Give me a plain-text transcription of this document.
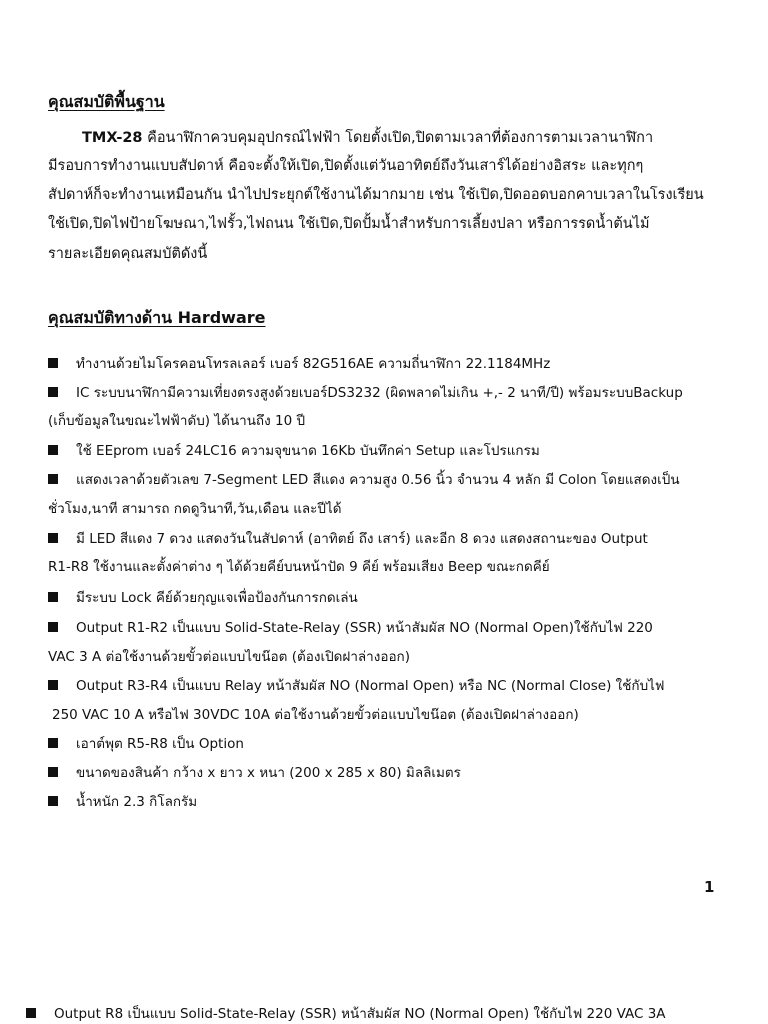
คุณสมบัติพื้นฐาน
TMX-28 คือนาฬิกาควบคุมอุปกรณ์ไฟฟ้า โดยตั้งเปิด,ปิดตามเวลาที่ต้องการตามเวลานาฬิกา
มีรอบการทำงานแบบสัปดาห์ คือจะตั้งให้เปิด,ปิดตั้งแต่วันอาทิตย์ถึงวันเสาร์ได้อย่างอิสระ และทุกๆ
สัปดาห์ก็จะทำงานเหมือนกัน นำไปประยุกต์ใช้งานได้มากมาย เช่น ใช้เปิด,ปิดออดบอกคาบเวลาในโรงเรียน
ใช้เปิด,ปิดไฟป้ายโฆษณา,ไฟรั้ว,ไฟถนน ใช้เปิด,ปิดปั้มน้ำสำหรับการเลี้ยงปลา หรือการรดน้ำต้นไม้
รายละเอียดคุณสมบัติดังนี้
คุณสมบัติทางด้าน Hardware
ทำงานด้วยไมโครคอนโทรลเลอร์ เบอร์ 82G516AE ความถี่นาฬิกา 22.1184MHz
IC ระบบนาฬิกามีความเที่ยงตรงสูงด้วยเบอร์DS3232 (ผิดพลาดไม่เกิน +,- 2 นาที/ปี) พร้อมระบบBackup
(เก็บข้อมูลในขณะไฟฟ้าดับ) ได้นานถึง 10 ปี
ใช้ EEprom เบอร์ 24LC16 ความจุขนาด 16Kb บันทึกค่า Setup และโปรแกรม
แสดงเวลาด้วยตัวเลข 7-Segment LED สีแดง ความสูง 0.56 นิ้ว จำนวน 4 หลัก มี Colon โดยแสดงเป็น
ชั่วโมง,นาที สามารถ กดดูวินาที,วัน,เดือน และปีได้
มี LED สีแดง 7 ดวง แสดงวันในสัปดาห์ (อาทิตย์ ถึง เสาร์) และอีก 8 ดวง แสดงสถานะของ Output
R1-R8 ใช้งานและตั้งค่าต่าง ๆ ได้ด้วยคีย์บนหน้าปัด 9 คีย์ พร้อมเสียง Beep ขณะกดคีย์
มีระบบ Lock คีย์ด้วยกุญแจเพื่อป้องกันการกดเล่น
Output R1-R2 เป็นแบบ Solid-State-Relay (SSR) หน้าสัมผัส NO (Normal Open)ใช้กับไฟ 220
VAC 3 A ต่อใช้งานด้วยขั้วต่อแบบไขน๊อต (ต้องเปิดฝาล่างออก)
Output R3-R4 เป็นแบบ Relay หน้าสัมผัส NO (Normal Open) หรือ NC (Normal Close) ใช้กับไฟ
250 VAC 10 A หรือไฟ 30VDC 10A ต่อใช้งานด้วยขั้วต่อแบบไขน๊อต (ต้องเปิดฝาล่างออก)
เอาต์พุต R5-R8 เป็น Option
ขนาดของสินค้า กว้าง x ยาว x หนา (200 x 285 x 80) มิลลิเมตร
น้ำหนัก 2.3 กิโลกรัม
1
Output R8 เป็นแบบ Solid-State-Relay (SSR) หน้าสัมผัส NO (Normal Open) ใช้กับไฟ 220 VAC 3A
